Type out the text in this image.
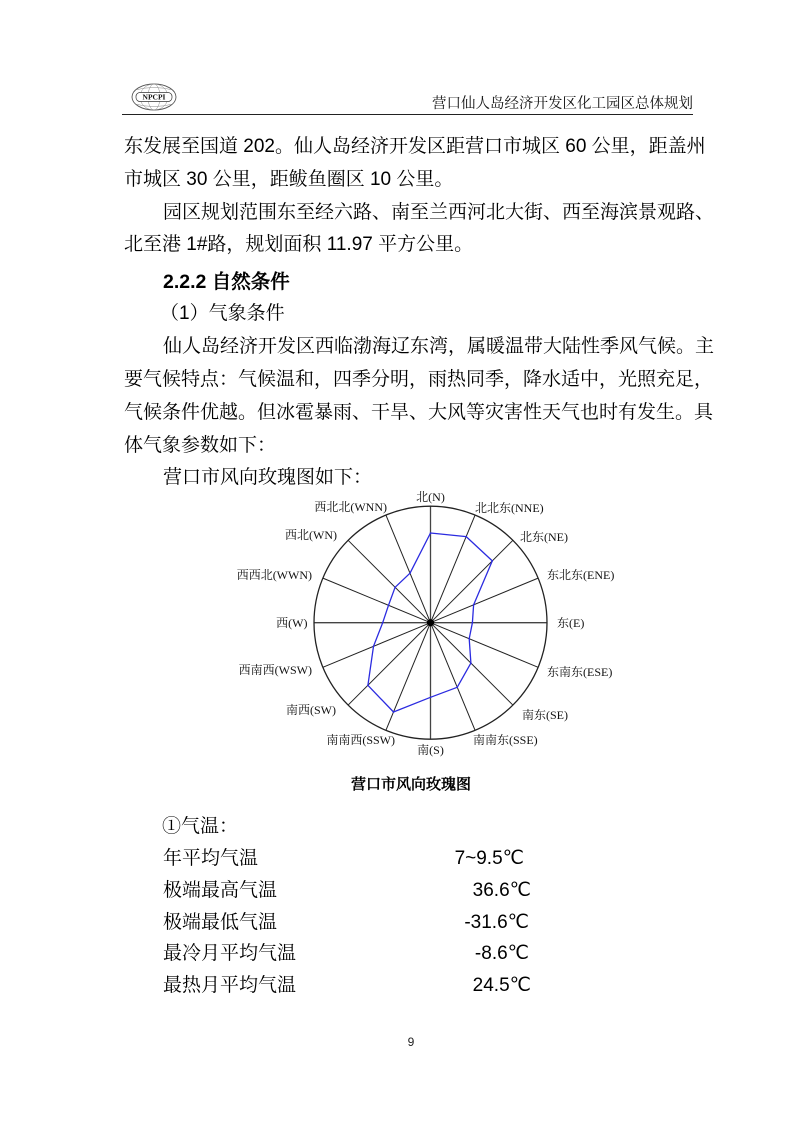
NPCPI	营口仙人岛经济开发区化工园区总体规划
东发展至国道 202。仙人岛经济开发区距营口市城区 60 公里，距盖州
市城区 30 公里，距鲅鱼圈区 10 公里。
园区规划范围东至经六路、南至兰西河北大街、西至海滨景观路、
北至港 1#路，规划面积 11.97 平方公里。
2.2.2 自然条件
（1）气象条件
仙人岛经济开发区西临渤海辽东湾，属暖温带大陆性季风气候。主
要气候特点：气候温和，四季分明，雨热同季，降水适中，光照充足，
气候条件优越。但冰雹暴雨、干旱、大风等灾害性天气也时有发生。具
体气象参数如下：
营口市风向玫瑰图如下：
北(N)
北北东(NNE)
北东(NE)
东北东(ENE)
东(E)
东南东(ESE)
南东(SE)
南南东(SSE)
南(S)
南南西(SSW)
南西(SW)
西南西(WSW)
西(W)
西西北(WWN)
西北(WN)
西北北(WNN)
营口市风向玫瑰图
①气温：
年平均气温	7~9.5℃
极端最高气温	36.6℃
极端最低气温	-31.6℃
最冷月平均气温	-8.6℃
最热月平均气温	24.5℃
9
